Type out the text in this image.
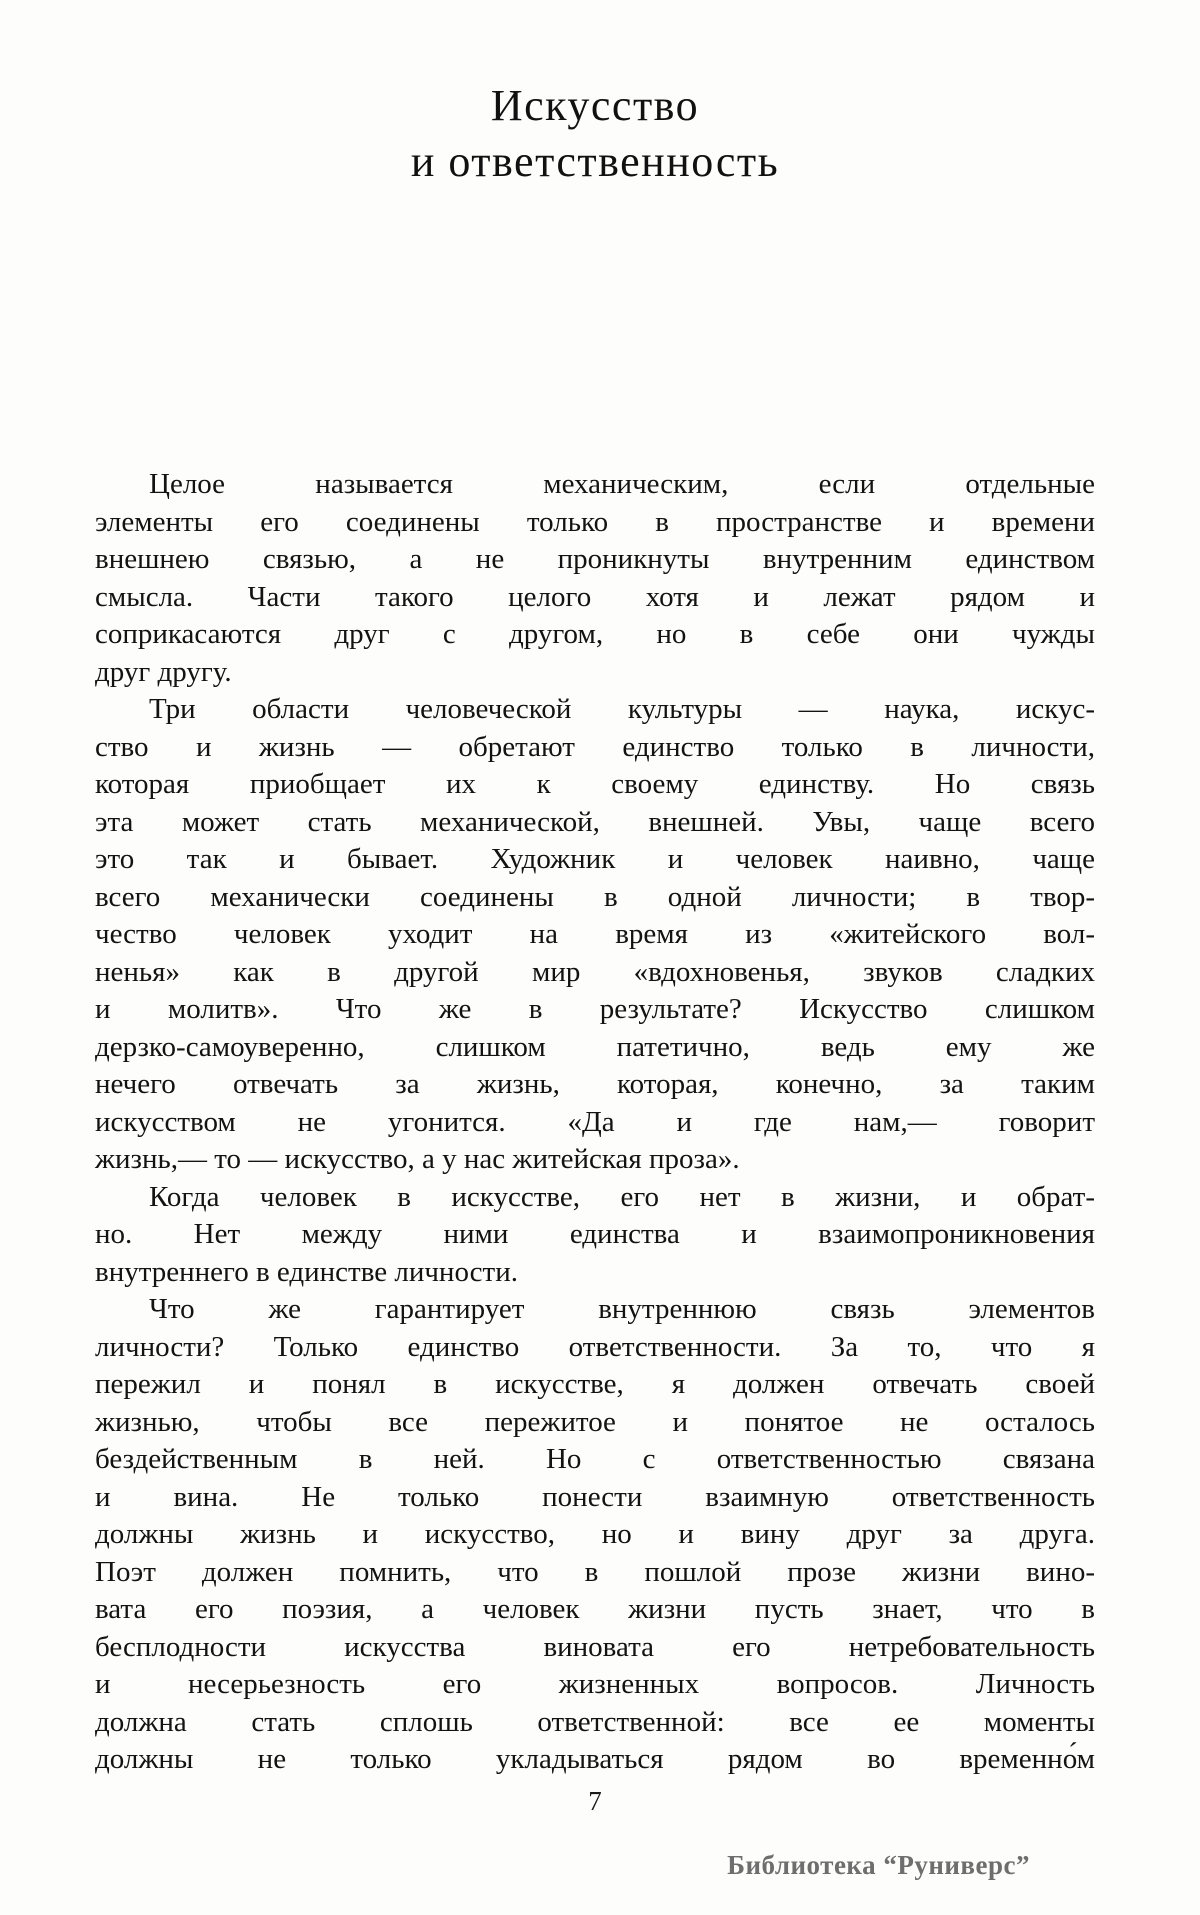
Искусство
и ответственность
Целое называется механическим, если отдельные
элементы его соединены только в пространстве и времени
внешнею связью, а не проникнуты внутренним единством
смысла. Части такого целого хотя и лежат рядом и
соприкасаются друг с другом, но в себе они чужды
друг другу.
Три области человеческой культуры — наука, искус-
ство и жизнь — обретают единство только в личности,
которая приобщает их к своему единству. Но связь
эта может стать механической, внешней. Увы, чаще всего
это так и бывает. Художник и человек наивно, чаще
всего механически соединены в одной личности; в твор-
чество человек уходит на время из «житейского вол-
ненья» как в другой мир «вдохновенья, звуков сладких
и молитв». Что же в результате? Искусство слишком
дерзко-самоуверенно, слишком патетично, ведь ему же
нечего отвечать за жизнь, которая, конечно, за таким
искусством не угонится. «Да и где нам,— говорит
жизнь,— то — искусство, а у нас житейская проза».
Когда человек в искусстве, его нет в жизни, и обрат-
но. Нет между ними единства и взаимопроникновения
внутреннего в единстве личности.
Что же гарантирует внутреннюю связь элементов
личности? Только единство ответственности. За то, что я
пережил и понял в искусстве, я должен отвечать своей
жизнью, чтобы все пережитое и понятое не осталось
бездейственным в ней. Но с ответственностью связана
и вина. Не только понести взаимную ответственность
должны жизнь и искусство, но и вину друг за друга.
Поэт должен помнить, что в пошлой прозе жизни вино-
вата его поэзия, а человек жизни пусть знает, что в
бесплодности искусства виновата его нетребовательность
и несерьезность его жизненных вопросов. Личность
должна стать сплошь ответственной: все ее моменты
должны не только укладываться рядом во временно́м
7
Библиотека “Руниверс”
